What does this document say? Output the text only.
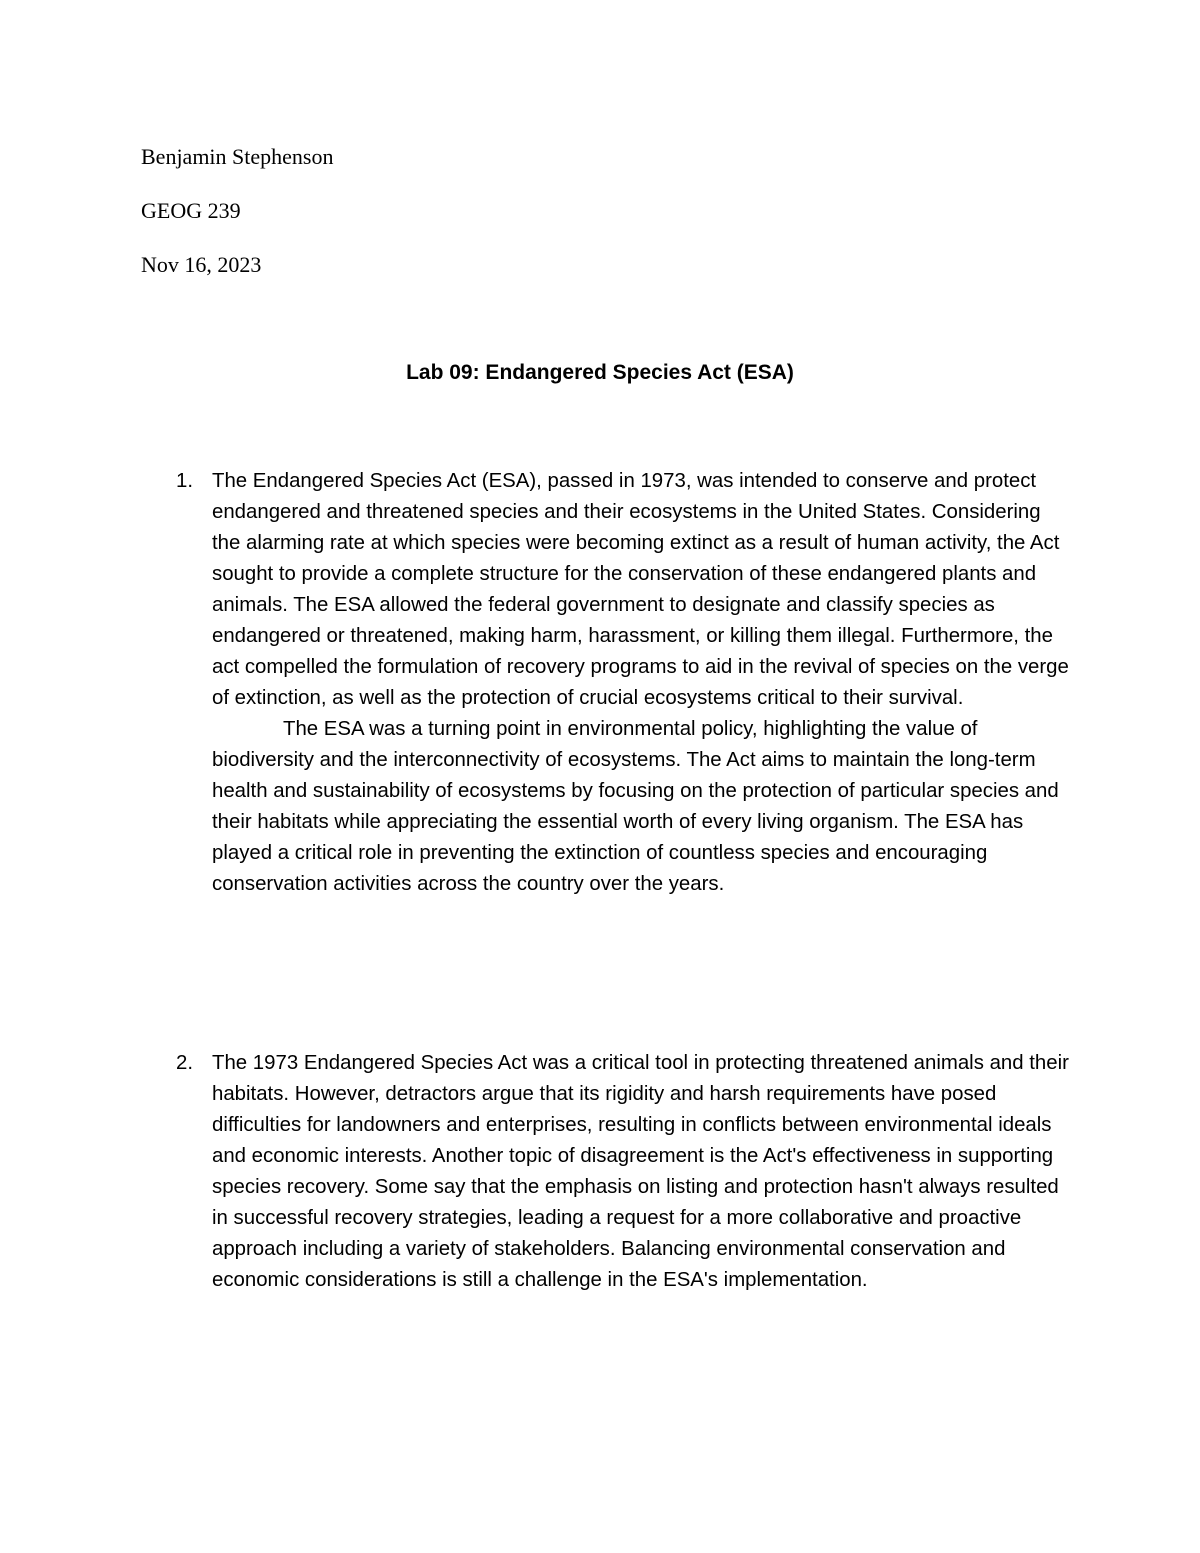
Benjamin Stephenson
GEOG 239
Nov 16, 2023
Lab 09: Endangered Species Act (ESA)
1. The Endangered Species Act (ESA), passed in 1973, was intended to conserve and protect endangered and threatened species and their ecosystems in the United States. Considering the alarming rate at which species were becoming extinct as a result of human activity, the Act sought to provide a complete structure for the conservation of these endangered plants and animals. The ESA allowed the federal government to designate and classify species as endangered or threatened, making harm, harassment, or killing them illegal. Furthermore, the act compelled the formulation of recovery programs to aid in the revival of species on the verge of extinction, as well as the protection of crucial ecosystems critical to their survival.

The ESA was a turning point in environmental policy, highlighting the value of biodiversity and the interconnectivity of ecosystems. The Act aims to maintain the long-term health and sustainability of ecosystems by focusing on the protection of particular species and their habitats while appreciating the essential worth of every living organism. The ESA has played a critical role in preventing the extinction of countless species and encouraging conservation activities across the country over the years.

2. The 1973 Endangered Species Act was a critical tool in protecting threatened animals and their habitats. However, detractors argue that its rigidity and harsh requirements have posed difficulties for landowners and enterprises, resulting in conflicts between environmental ideals and economic interests. Another topic of disagreement is the Act's effectiveness in supporting species recovery. Some say that the emphasis on listing and protection hasn't always resulted in successful recovery strategies, leading a request for a more collaborative and proactive approach including a variety of stakeholders. Balancing environmental conservation and economic considerations is still a challenge in the ESA's implementation.
